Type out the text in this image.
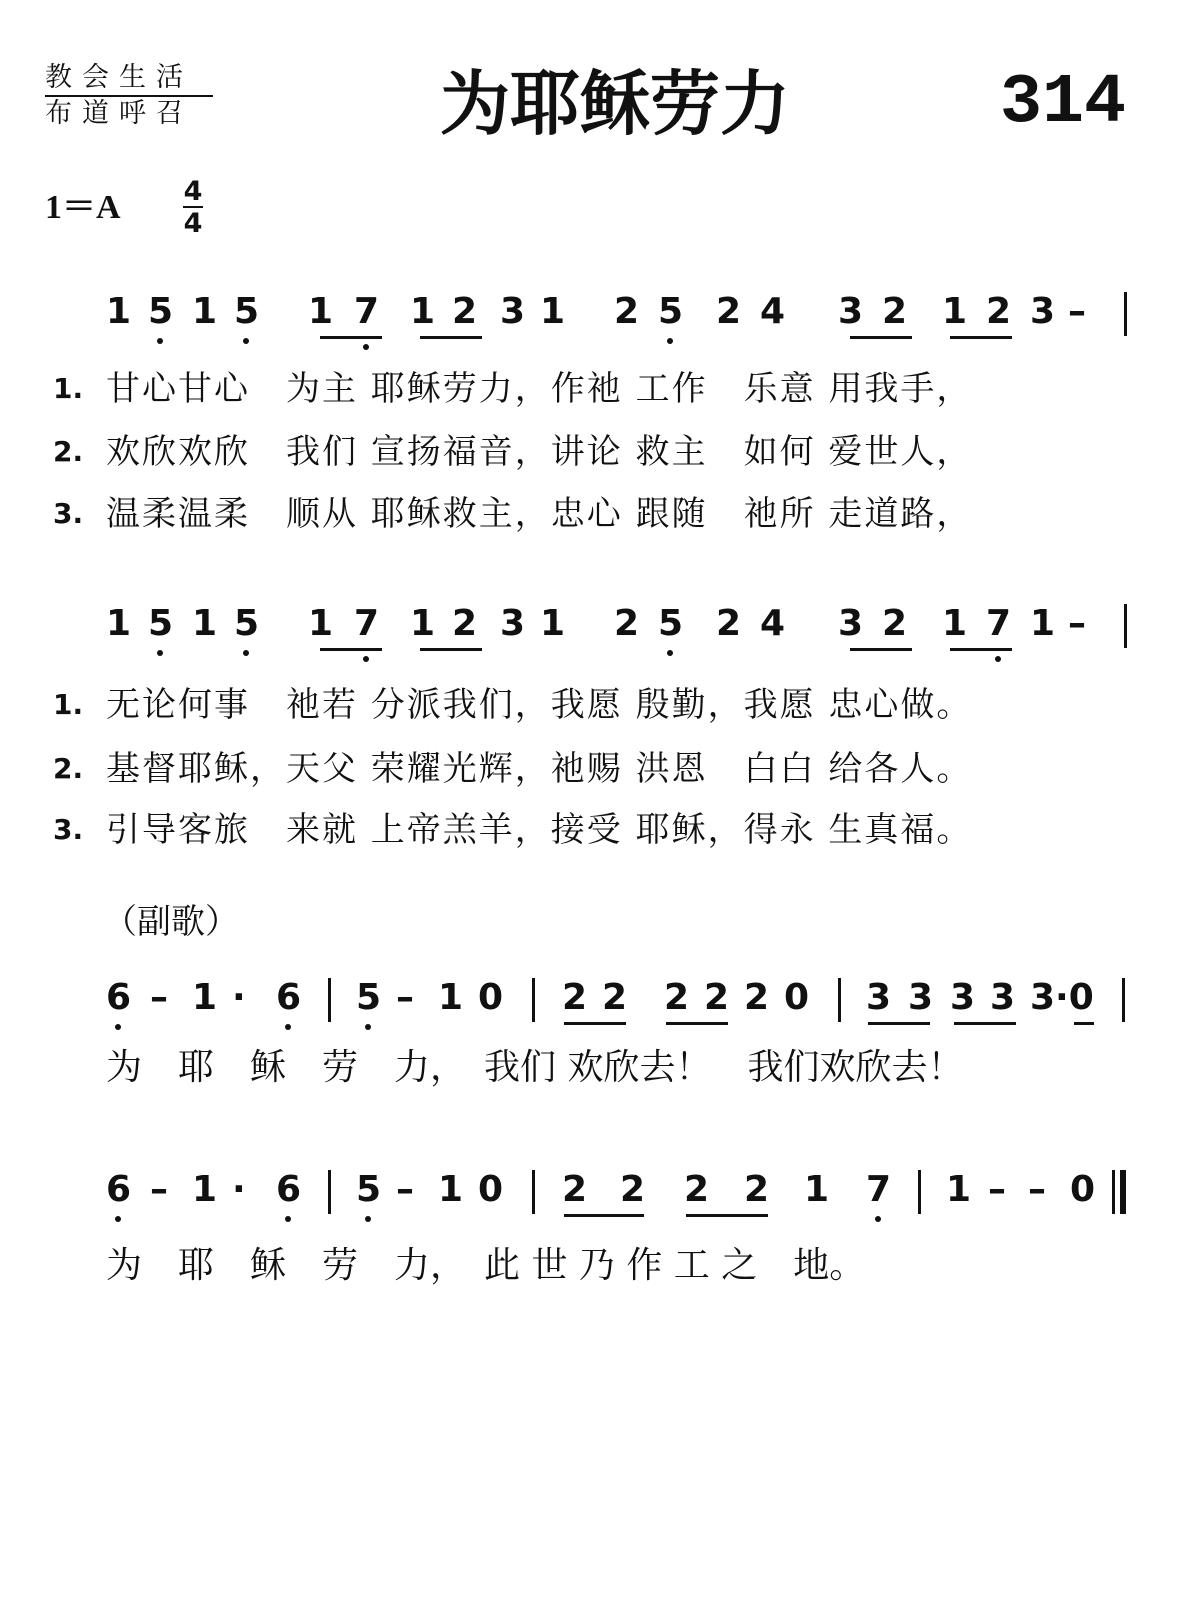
教会生活
布道呼召	为耶稣劳力	314
1＝A 4
4
1 5 1 5 1 7 1 2 3 1 2 5 2 4 3 2 1 2 3 –
1. 甘心甘心　为主 耶稣劳力，作祂 工作　乐意 用我手，
2. 欢欣欢欣　我们 宣扬福音，讲论 救主　如何 爱世人，
3. 温柔温柔　顺从 耶稣救主，忠心 跟随　祂所 走道路，
1 5 1 5 1 7 1 2 3 1 2 5 2 4 3 2 1 7 1 –
1. 无论何事　祂若 分派我们，我愿 殷勤，我愿 忠心做。
2. 基督耶稣，天父 荣耀光辉，祂赐 洪恩　白白 给各人。
3. 引导客旅　来就 上帝羔羊，接受 耶稣，得永 生真福。
（副歌）
6 – 1 · 6 5 – 1 0 2 2 2 2 2 0 3 3 3 3 3·0
为　耶　稣　劳　力，　我们 欢欣去！　我们欢欣去！
6 – 1 · 6 5 – 1 0 2 2 2 2 1 7 1 – – 0
为　耶　稣　劳　力，　此 世 乃 作 工 之　地。
